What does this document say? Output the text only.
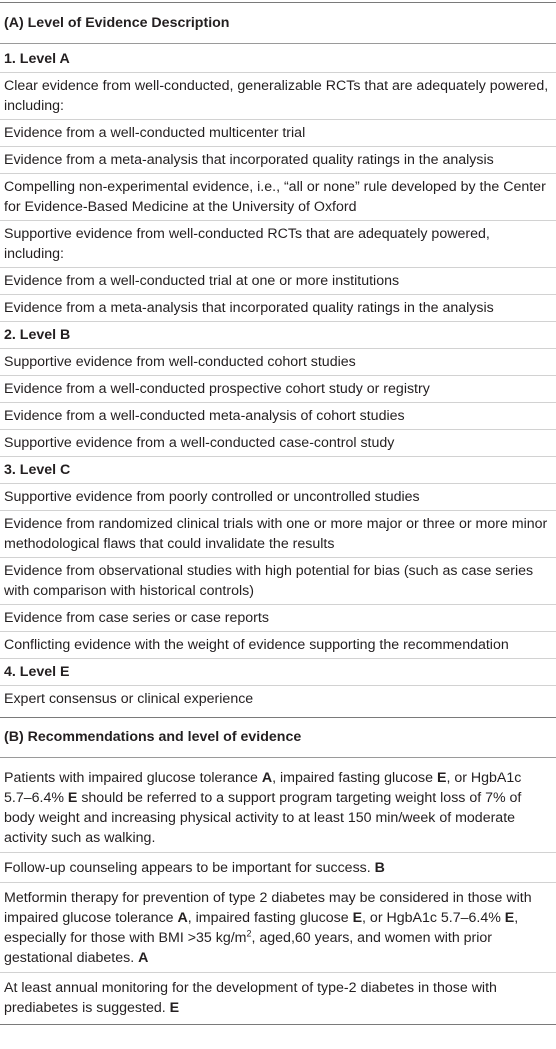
(A) Level of Evidence Description
1. Level A
Clear evidence from well-conducted, generalizable RCTs that are adequately powered, including:
Evidence from a well-conducted multicenter trial
Evidence from a meta-analysis that incorporated quality ratings in the analysis
Compelling non-experimental evidence, i.e., “all or none” rule developed by the Center for Evidence-Based Medicine at the University of Oxford
Supportive evidence from well-conducted RCTs that are adequately powered, including:
Evidence from a well-conducted trial at one or more institutions
Evidence from a meta-analysis that incorporated quality ratings in the analysis
2. Level B
Supportive evidence from well-conducted cohort studies
Evidence from a well-conducted prospective cohort study or registry
Evidence from a well-conducted meta-analysis of cohort studies
Supportive evidence from a well-conducted case-control study
3. Level C
Supportive evidence from poorly controlled or uncontrolled studies
Evidence from randomized clinical trials with one or more major or three or more minor methodological flaws that could invalidate the results
Evidence from observational studies with high potential for bias (such as case series with comparison with historical controls)
Evidence from case series or case reports
Conflicting evidence with the weight of evidence supporting the recommendation
4. Level E
Expert consensus or clinical experience
(B) Recommendations and level of evidence
Patients with impaired glucose tolerance A, impaired fasting glucose E, or HgbA1c 5.7–6.4% E should be referred to a support program targeting weight loss of 7% of body weight and increasing physical activity to at least 150 min/week of moderate activity such as walking.
Follow-up counseling appears to be important for success. B
Metformin therapy for prevention of type 2 diabetes may be considered in those with impaired glucose tolerance A, impaired fasting glucose E, or HgbA1c 5.7–6.4% E, especially for those with BMI >35 $kg/m^2$, aged,60 years, and women with prior gestational diabetes. A
At least annual monitoring for the development of type-2 diabetes in those with prediabetes is suggested. E
